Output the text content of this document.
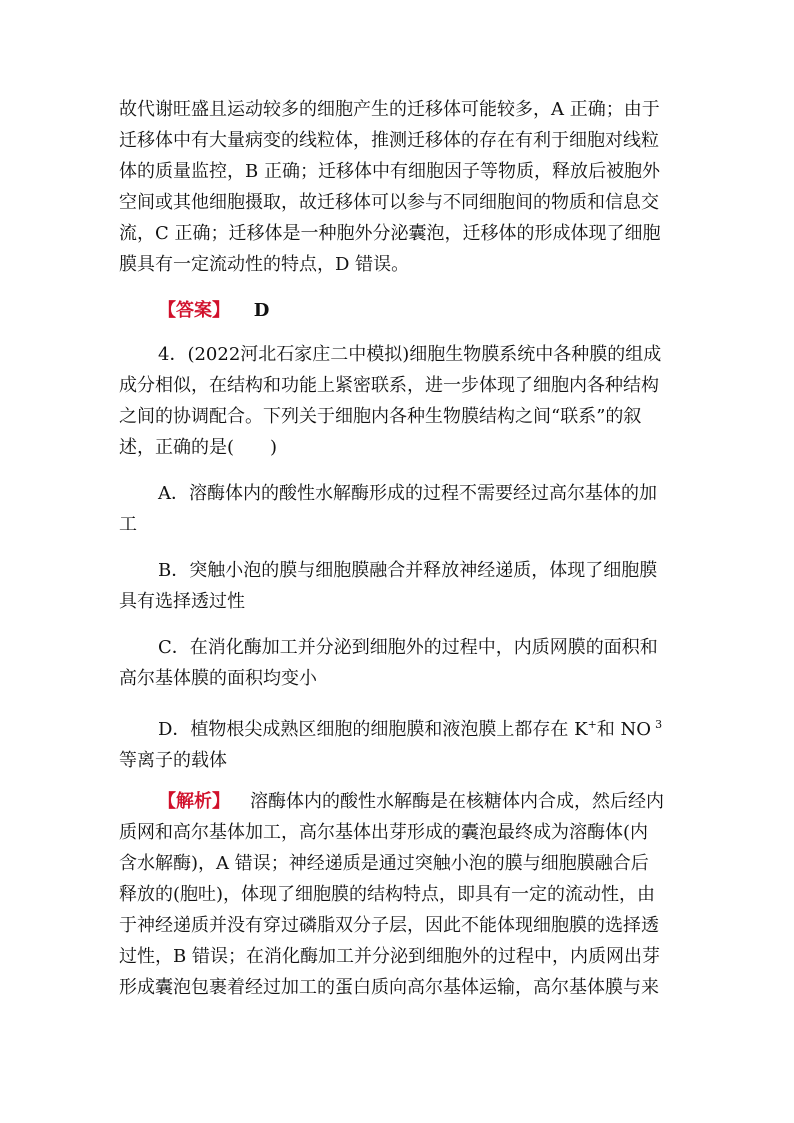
故代谢旺盛且运动较多的细胞产生的迁移体可能较多，A 正确；由于
迁移体中有大量病变的线粒体，推测迁移体的存在有利于细胞对线粒
体的质量监控，B 正确；迁移体中有细胞因子等物质，释放后被胞外
空间或其他细胞摄取，故迁移体可以参与不同细胞间的物质和信息交
流，C 正确；迁移体是一种胞外分泌囊泡，迁移体的形成体现了细胞
膜具有一定流动性的特点，D 错误。
【答案】 D
4．(2022河北石家庄二中模拟)细胞生物膜系统中各种膜的组成
成分相似，在结构和功能上紧密联系，进一步体现了细胞内各种结构
之间的协调配合。下列关于细胞内各种生物膜结构之间“联系”的叙
述，正确的是(　　)
A．溶酶体内的酸性水解酶形成的过程不需要经过高尔基体的加
工
B．突触小泡的膜与细胞膜融合并释放神经递质，体现了细胞膜
具有选择透过性
C．在消化酶加工并分泌到细胞外的过程中，内质网膜的面积和
高尔基体膜的面积均变小
D．植物根尖成熟区细胞的细胞膜和液泡膜上都存在 K+和 NO $^3$
等离子的载体
【解析】 溶酶体内的酸性水解酶是在核糖体内合成，然后经内
质网和高尔基体加工，高尔基体出芽形成的囊泡最终成为溶酶体(内
含水解酶)，A 错误；神经递质是通过突触小泡的膜与细胞膜融合后
释放的(胞吐)，体现了细胞膜的结构特点，即具有一定的流动性，由
于神经递质并没有穿过磷脂双分子层，因此不能体现细胞膜的选择透
过性，B 错误；在消化酶加工并分泌到细胞外的过程中，内质网出芽
形成囊泡包裹着经过加工的蛋白质向高尔基体运输，高尔基体膜与来
